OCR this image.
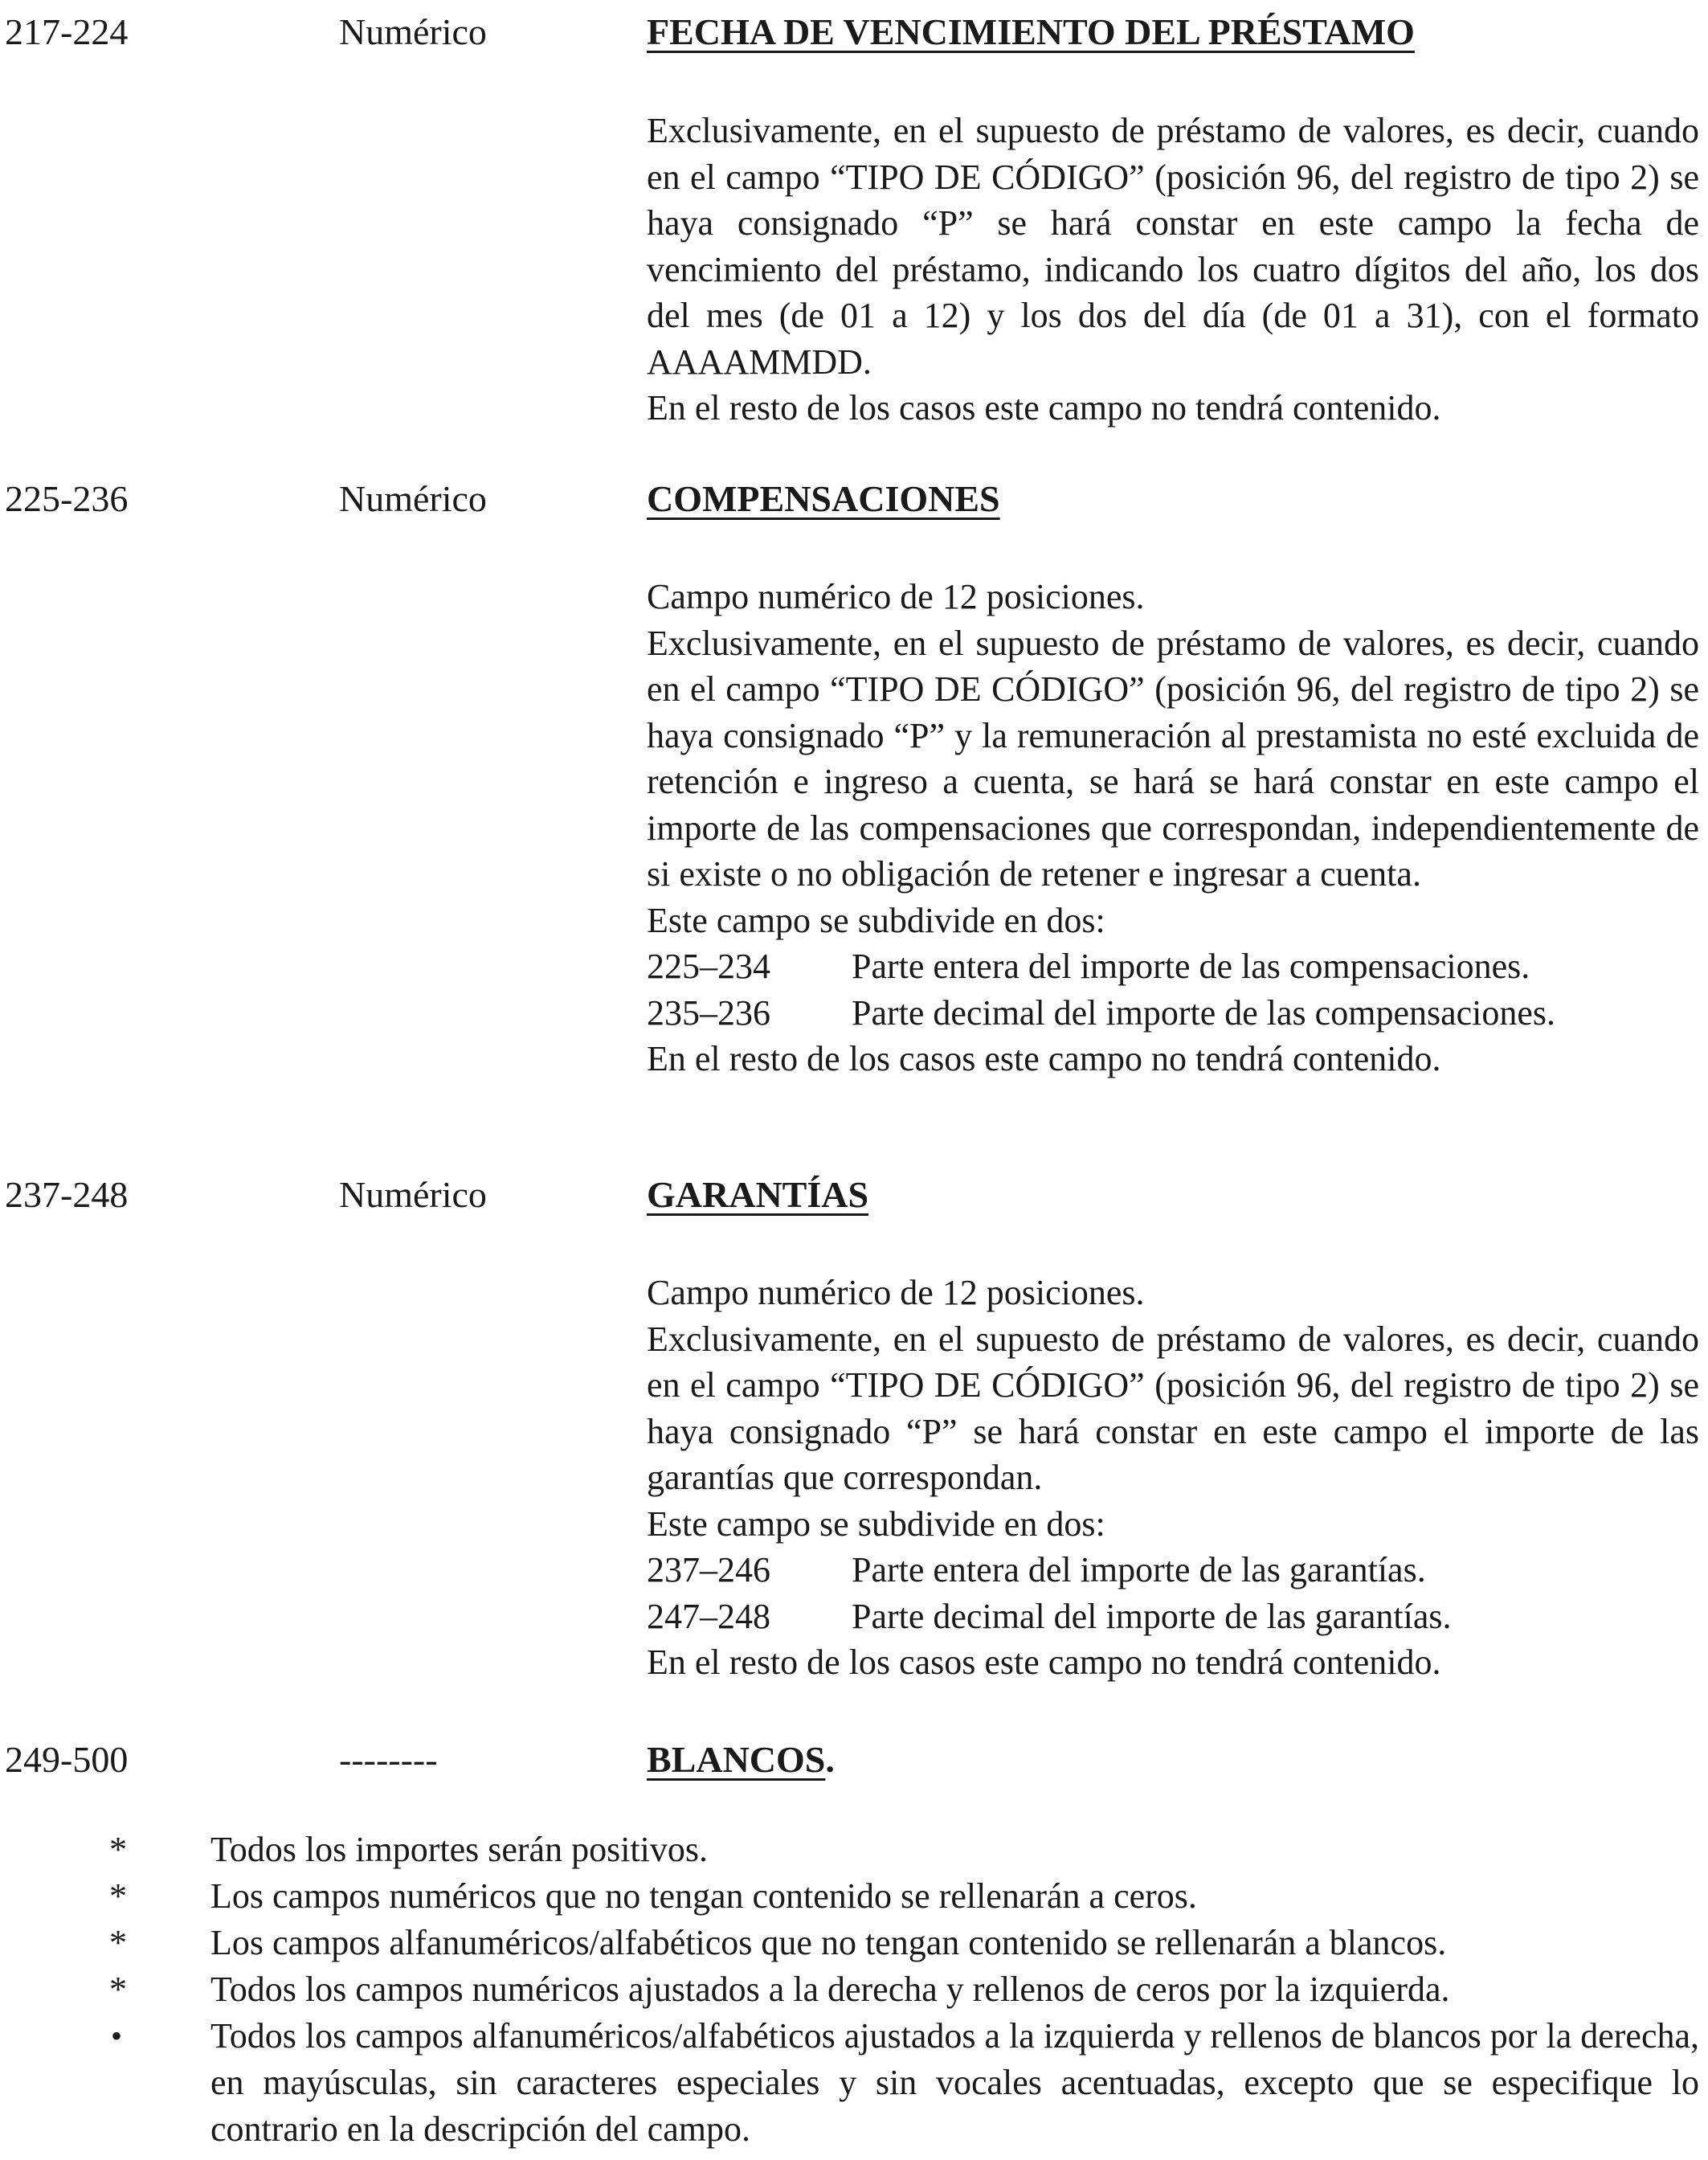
217-224	Numérico	FECHA DE VENCIMIENTO DEL PRÉSTAMO

Exclusivamente, en el supuesto de préstamo de valores, es decir, cuando en el campo “TIPO DE CÓDIGO” (posición 96, del registro de tipo 2) se haya consignado “P” se hará constar en este campo la fecha de vencimiento del préstamo, indicando los cuatro dígitos del año, los dos del mes (de 01 a 12) y los dos del día (de 01 a 31), con el formato AAAAMMDD.

En el resto de los casos este campo no tendrá contenido.

225-236	Numérico	COMPENSACIONES

Campo numérico de 12 posiciones.

Exclusivamente, en el supuesto de préstamo de valores, es decir, cuando en el campo “TIPO DE CÓDIGO” (posición 96, del registro de tipo 2) se haya consignado “P” y la remuneración al prestamista no esté excluida de retención e ingreso a cuenta, se hará se hará constar en este campo el importe de las compensaciones que correspondan, independientemente de si existe o no obligación de retener e ingresar a cuenta.

Este campo se subdivide en dos:

225–234 Parte entera del importe de las compensaciones.
235–236 Parte decimal del importe de las compensaciones.

En el resto de los casos este campo no tendrá contenido.

237-248	Numérico	GARANTÍAS

Campo numérico de 12 posiciones.

Exclusivamente, en el supuesto de préstamo de valores, es decir, cuando en el campo “TIPO DE CÓDIGO” (posición 96, del registro de tipo 2) se haya consignado “P” se hará constar en este campo el importe de las garantías que correspondan.

Este campo se subdivide en dos:

237–246 Parte entera del importe de las garantías.
247–248 Parte decimal del importe de las garantías.

En el resto de los casos este campo no tendrá contenido.

249-500	--------	BLANCOS.
* Todos los importes serán positivos.
* Los campos numéricos que no tengan contenido se rellenarán a ceros.
* Los campos alfanuméricos/alfabéticos que no tengan contenido se rellenarán a blancos.
* Todos los campos numéricos ajustados a la derecha y rellenos de ceros por la izquierda.
• Todos los campos alfanuméricos/alfabéticos ajustados a la izquierda y rellenos de blancos por la derecha, en mayúsculas, sin caracteres especiales y sin vocales acentuadas, excepto que se especifique lo contrario en la descripción del campo.
